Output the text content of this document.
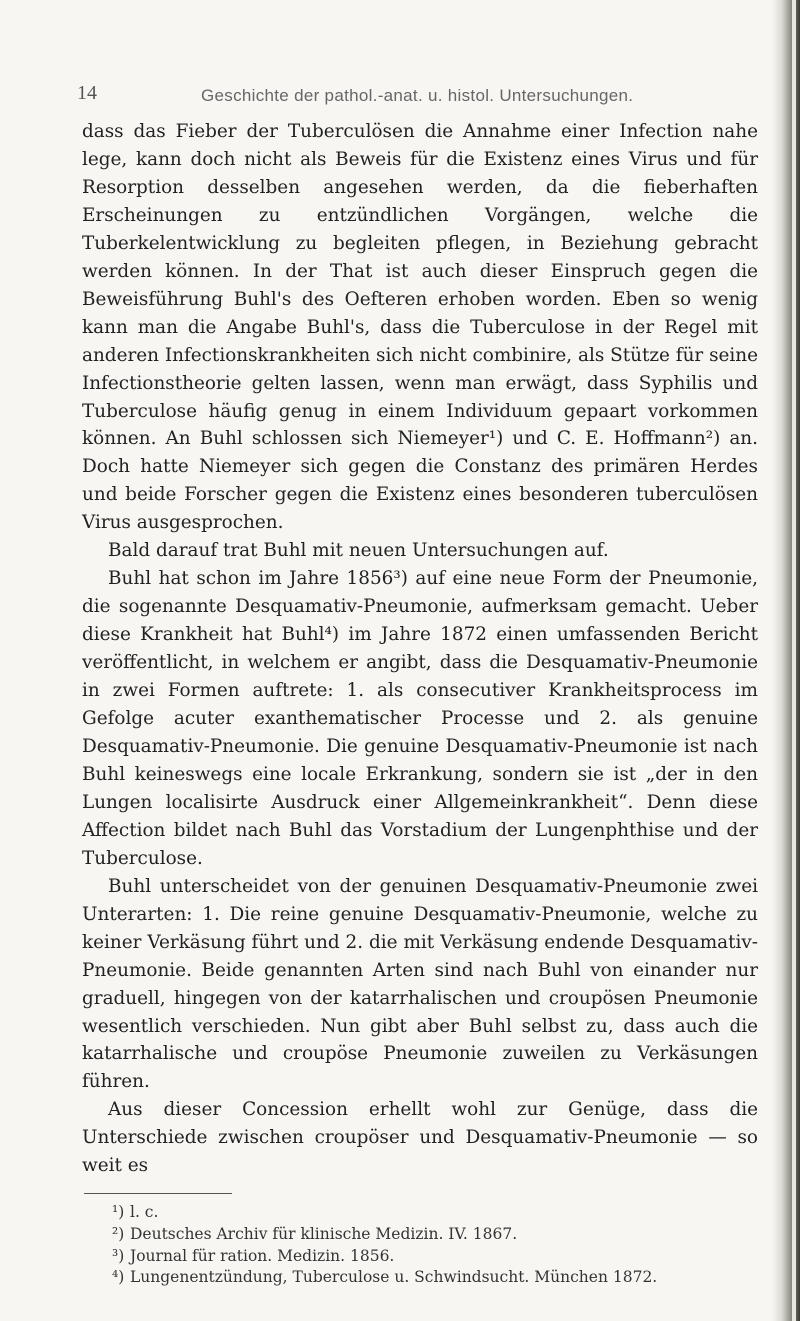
14	Geschichte der pathol.-anat. u. histol. Untersuchungen.

dass das Fieber der Tuberculösen die Annahme einer Infection nahe lege, kann doch nicht als Beweis für die Existenz eines Virus und für Resorption desselben angesehen werden, da die fieberhaften Erscheinungen zu entzündlichen Vorgängen, welche die Tuberkelentwicklung zu begleiten pflegen, in Beziehung gebracht werden können. In der That ist auch dieser Einspruch gegen die Beweisführung Buhl's des Oefteren erhoben worden. Eben so wenig kann man die Angabe Buhl's, dass die Tuberculose in der Regel mit anderen Infectionskrankheiten sich nicht combinire, als Stütze für seine Infectionstheorie gelten lassen, wenn man erwägt, dass Syphilis und Tuberculose häufig genug in einem Individuum gepaart vorkommen können. An Buhl schlossen sich Niemeyer¹) und C. E. Hoffmann²) an. Doch hatte Niemeyer sich gegen die Constanz des primären Herdes und beide Forscher gegen die Existenz eines besonderen tuberculösen Virus ausgesprochen.

Bald darauf trat Buhl mit neuen Untersuchungen auf.

Buhl hat schon im Jahre 1856³) auf eine neue Form der Pneumonie, die sogenannte Desquamativ-Pneumonie, aufmerksam gemacht. Ueber diese Krankheit hat Buhl⁴) im Jahre 1872 einen umfassenden Bericht veröffentlicht, in welchem er angibt, dass die Desquamativ-Pneumonie in zwei Formen auftrete: 1. als consecutiver Krankheitsprocess im Gefolge acuter exanthematischer Processe und 2. als genuine Desquamativ-Pneumonie. Die genuine Desquamativ-Pneumonie ist nach Buhl keineswegs eine locale Erkrankung, sondern sie ist „der in den Lungen localisirte Ausdruck einer Allgemeinkrankheit“. Denn diese Affection bildet nach Buhl das Vorstadium der Lungenphthise und der Tuberculose.

Buhl unterscheidet von der genuinen Desquamativ-Pneumonie zwei Unterarten: 1. Die reine genuine Desquamativ-Pneumonie, welche zu keiner Verkäsung führt und 2. die mit Verkäsung endende Desquamativ-Pneumonie. Beide genannten Arten sind nach Buhl von einander nur graduell, hingegen von der katarrhalischen und croupösen Pneumonie wesentlich verschieden. Nun gibt aber Buhl selbst zu, dass auch die katarrhalische und croupöse Pneumonie zuweilen zu Verkäsungen führen.

Aus dieser Concession erhellt wohl zur Genüge, dass die Unterschiede zwischen croupöser und Desquamativ-Pneumonie — so weit es

¹) l. c.

²) Deutsches Archiv für klinische Medizin. IV. 1867.

³) Journal für ration. Medizin. 1856.

⁴) Lungenentzündung, Tuberculose u. Schwindsucht. München 1872.
